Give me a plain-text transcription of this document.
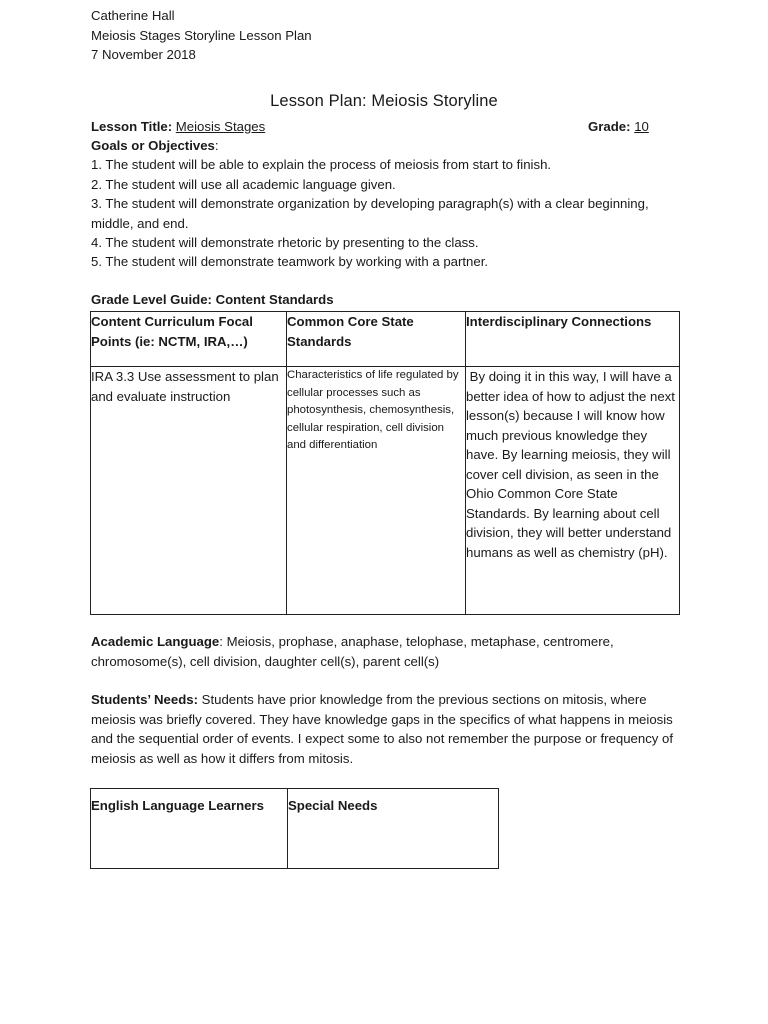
Catherine Hall
Meiosis Stages Storyline Lesson Plan
7 November 2018
Lesson Plan: Meiosis Storyline
Lesson Title: Meiosis Stages	Grade: 10
Goals or Objectives:

1. The student will be able to explain the process of meiosis from start to finish.

2. The student will use all academic language given.

3. The student will demonstrate organization by developing paragraph(s) with a clear beginning, middle, and end.

4. The student will demonstrate rhetoric by presenting to the class.

5. The student will demonstrate teamwork by working with a partner.

Grade Level Guide: Content Standards
Content Curriculum Focal Points (ie: NCTM, IRA,…)	Common Core State Standards	Interdisciplinary Connections
IRA 3.3 Use assessment to plan and evaluate instruction	Characteristics of life regulated by cellular processes such as photosynthesis, chemosynthesis, cellular respiration, cell division and differentiation	By doing it in this way, I will have a better idea of how to adjust the next lesson(s) because I will know how much previous knowledge they have. By learning meiosis, they will cover cell division, as seen in the Ohio Common Core State Standards. By learning about cell division, they will better understand humans as well as chemistry (pH).
Academic Language: Meiosis, prophase, anaphase, telophase, metaphase, centromere, chromosome(s), cell division, daughter cell(s), parent cell(s)
Students’ Needs: Students have prior knowledge from the previous sections on mitosis, where meiosis was briefly covered. They have knowledge gaps in the specifics of what happens in meiosis and the sequential order of events. I expect some to also not remember the purpose or frequency of meiosis as well as how it differs from mitosis.
English Language Learners	Special Needs
